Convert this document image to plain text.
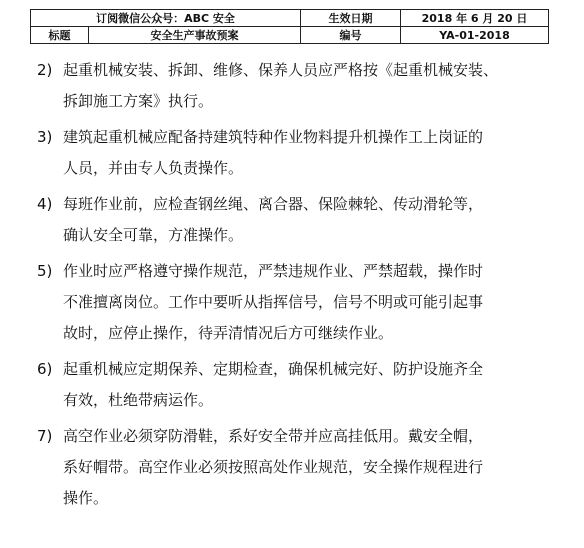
订阅微信公众号：ABC 安全		生效日期	2018 年 6 月 20 日
标题	安全生产事故预案	编号	YA-01-2018
2) 起重机械安装、拆卸、维修、保养人员应严格按《起重机械安装、
拆卸施工方案》执行。
3) 建筑起重机械应配备持建筑特种作业物料提升机操作工上岗证的
人员，并由专人负责操作。
4) 每班作业前，应检查钢丝绳、离合器、保险棘轮、传动滑轮等，
确认安全可靠，方准操作。
5) 作业时应严格遵守操作规范，严禁违规作业、严禁超载，操作时
不准擅离岗位。工作中要听从指挥信号，信号不明或可能引起事
故时，应停止操作，待弄清情况后方可继续作业。
6) 起重机械应定期保养、定期检查，确保机械完好、防护设施齐全
有效，杜绝带病运作。
7) 高空作业必须穿防滑鞋，系好安全带并应高挂低用。戴安全帽，
系好帽带。高空作业必须按照高处作业规范，安全操作规程进行
操作。
